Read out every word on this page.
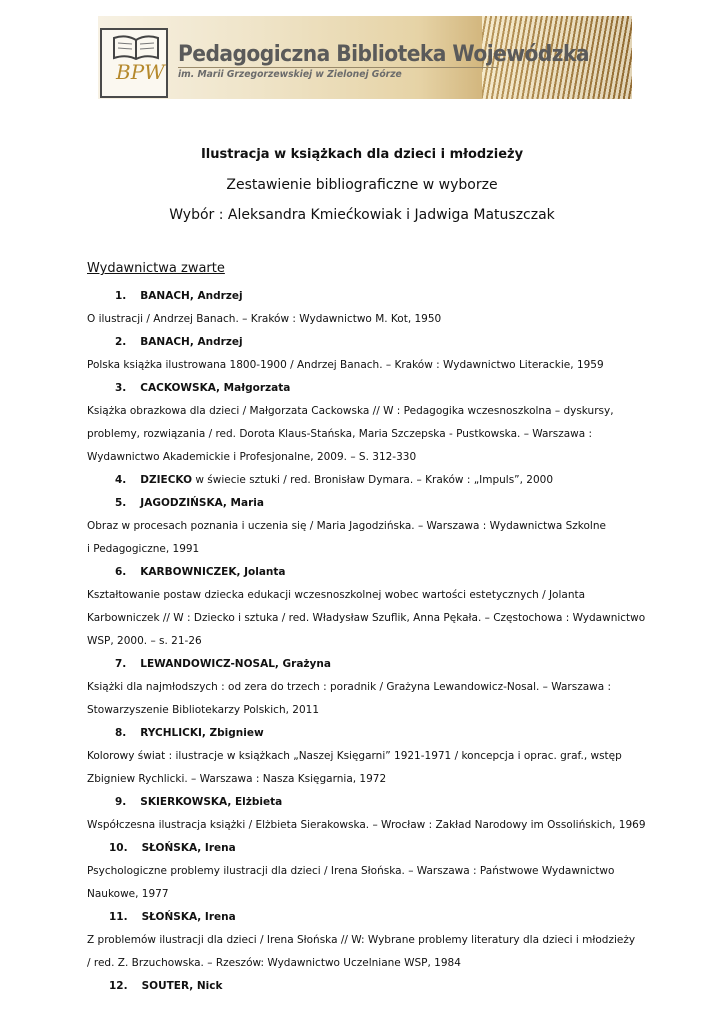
BPW
Pedagogiczna Biblioteka Wojewódzka
im. Marii Grzegorzewskiej w Zielonej Górze
Ilustracja w książkach dla dzieci i młodzieży
Zestawienie bibliograficzne w wyborze
Wybór : Aleksandra Kmiećkowiak i Jadwiga Matuszczak
Wydawnictwa zwarte
1. BANACH, Andrzej
O ilustracji / Andrzej Banach. – Kraków : Wydawnictwo M. Kot, 1950
2. BANACH, Andrzej
Polska książka ilustrowana 1800-1900 / Andrzej Banach. – Kraków : Wydawnictwo Literackie, 1959
3. CACKOWSKA, Małgorzata
Książka obrazkowa dla dzieci / Małgorzata Cackowska // W : Pedagogika wczesnoszkolna – dyskursy,
problemy, rozwiązania / red. Dorota Klaus-Stańska, Maria Szczepska - Pustkowska. – Warszawa :
Wydawnictwo Akademickie i Profesjonalne, 2009. – S. 312-330
4. DZIECKO w świecie sztuki / red. Bronisław Dymara. – Kraków : „Impuls”, 2000
5. JAGODZIŃSKA, Maria
Obraz w procesach poznania i uczenia się / Maria Jagodzińska. – Warszawa : Wydawnictwa Szkolne
i Pedagogiczne, 1991
6. KARBOWNICZEK, Jolanta
Kształtowanie postaw dziecka edukacji wczesnoszkolnej wobec wartości estetycznych / Jolanta
Karbowniczek // W : Dziecko i sztuka / red. Władysław Szuflik, Anna Pękała. – Częstochowa : Wydawnictwo
WSP, 2000. – s. 21-26
7. LEWANDOWICZ-NOSAL, Grażyna
Książki dla najmłodszych : od zera do trzech : poradnik / Grażyna Lewandowicz-Nosal. – Warszawa :
Stowarzyszenie Bibliotekarzy Polskich, 2011
8. RYCHLICKI, Zbigniew
Kolorowy świat : ilustracje w książkach „Naszej Księgarni” 1921-1971 / koncepcja i oprac. graf., wstęp
Zbigniew Rychlicki. – Warszawa : Nasza Księgarnia, 1972
9. SKIERKOWSKA, Elżbieta
Współczesna ilustracja książki / Elżbieta Sierakowska. – Wrocław : Zakład Narodowy im Ossolińskich, 1969
10. SŁOŃSKA, Irena
Psychologiczne problemy ilustracji dla dzieci / Irena Słońska. – Warszawa : Państwowe Wydawnictwo
Naukowe, 1977
11. SŁOŃSKA, Irena
Z problemów ilustracji dla dzieci / Irena Słońska // W: Wybrane problemy literatury dla dzieci i młodzieży
/ red. Z. Brzuchowska. – Rzeszów: Wydawnictwo Uczelniane WSP, 1984
12. SOUTER, Nick
